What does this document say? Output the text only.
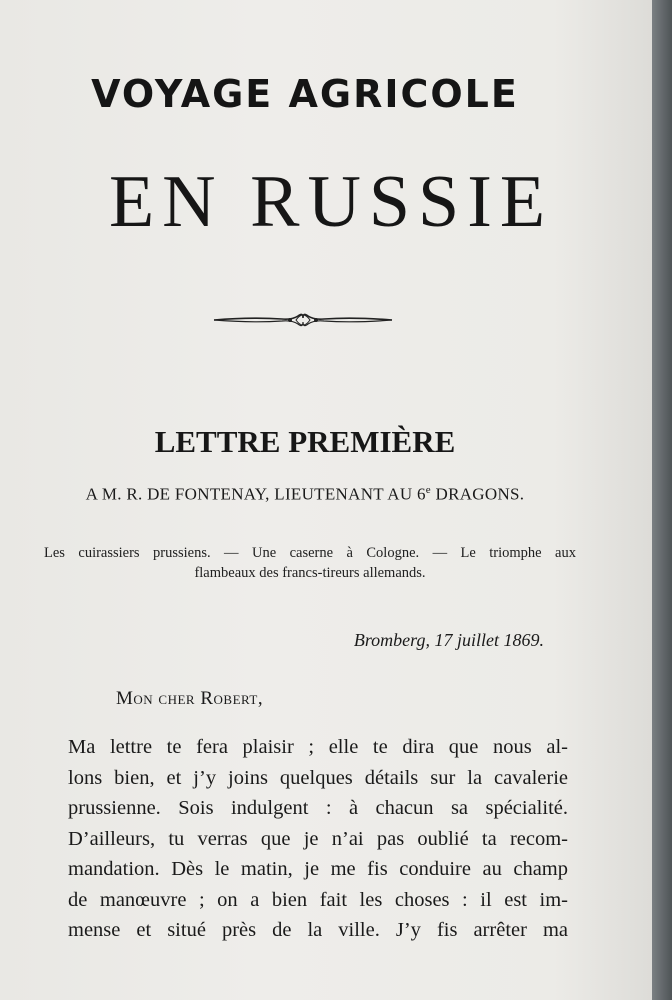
VOYAGE AGRICOLE
EN RUSSIE
LETTRE PREMIÈRE
A M. R. DE FONTENAY, LIEUTENANT AU 6e DRAGONS.
Les cuirassiers prussiens. — Une caserne à Cologne. — Le triomphe aux
flambeaux des francs-tireurs allemands.
Bromberg, 17 juillet 1869.
Mon cher Robert,
Ma lettre te fera plaisir ; elle te dira que nous al-
lons bien, et j’y joins quelques détails sur la cavalerie
prussienne. Sois indulgent : à chacun sa spécialité.
D’ailleurs, tu verras que je n’ai pas oublié ta recom-
mandation. Dès le matin, je me fis conduire au champ
de manœuvre ; on a bien fait les choses : il est im-
mense et situé près de la ville. J’y fis arrêter ma
